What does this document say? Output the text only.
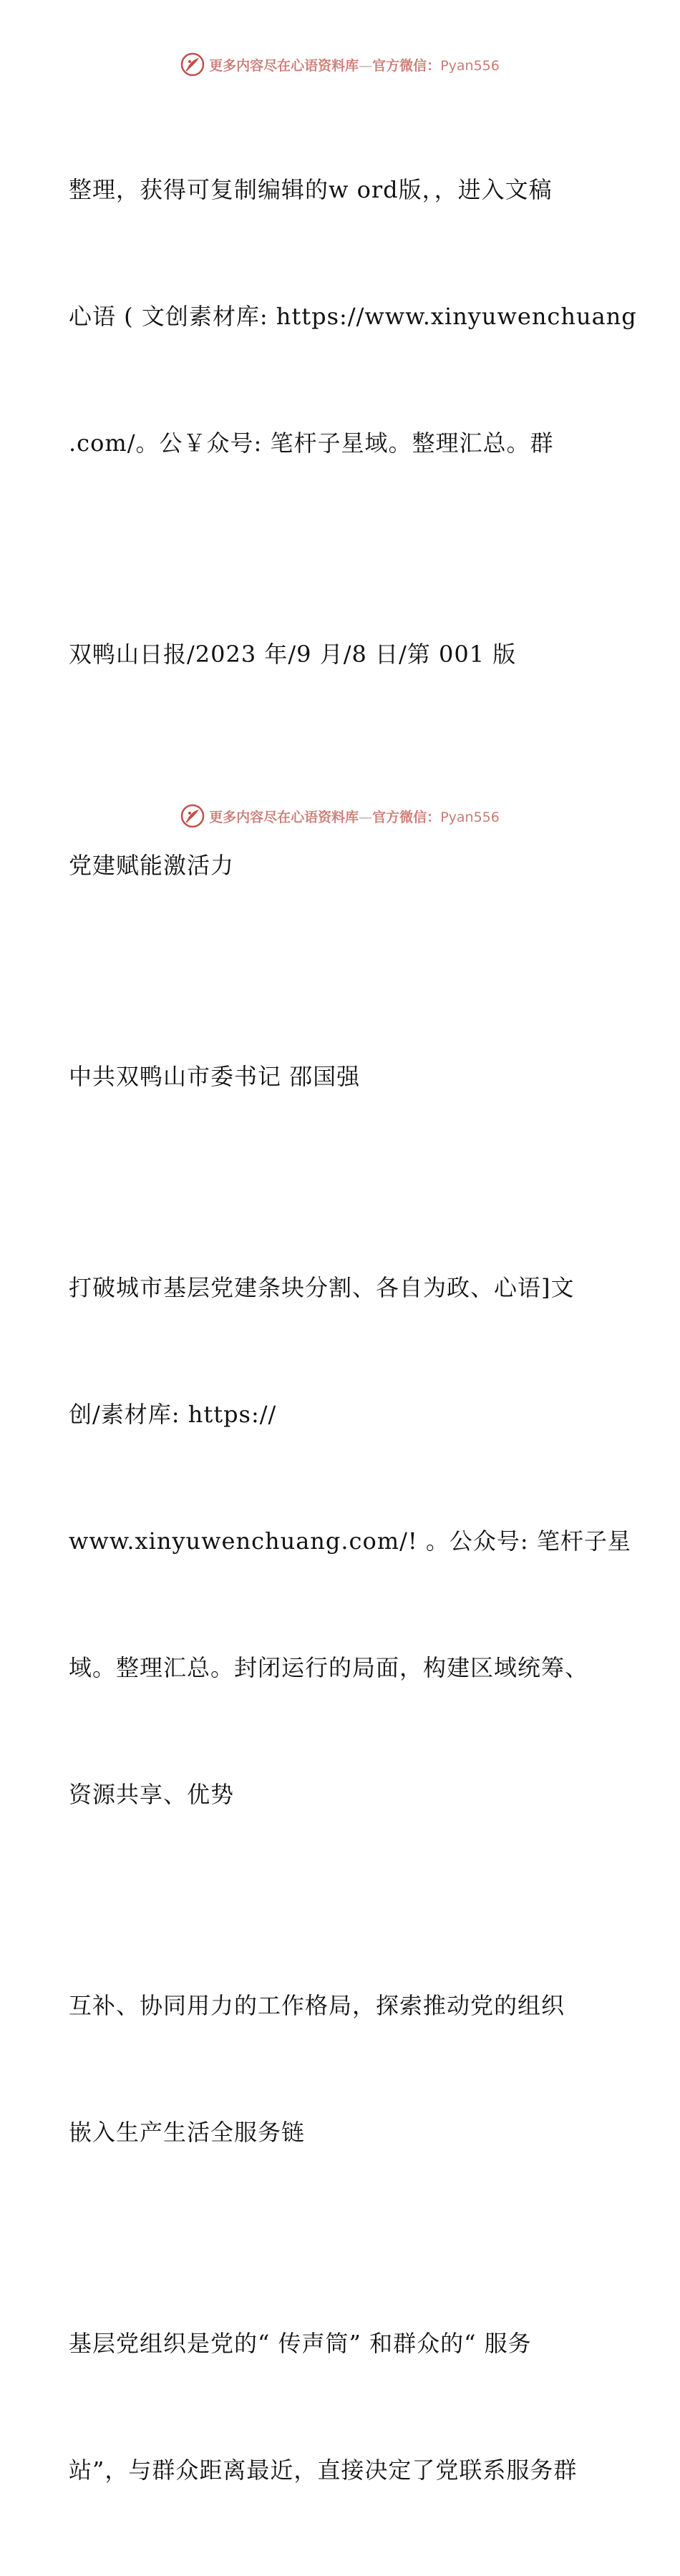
更多内容尽在心语资料库—官方微信：Pyan556

整理，获得可复制编辑的w ord版，，进入文稿

心语 ( 文创素材库: https://www.xinyuwenchuang

.com/。公￥众号: 笔杆子星域。整理汇总。群

双鸭山日报/2023 年/9 月/8 日/第 001 版

党建赋能激活力

中共双鸭山市委书记 邵国强

打破城市基层党建条块分割、各自为政、心语]文

创/素材库: https://

www.xinyuwenchuang.com/! 。公众号: 笔杆子星

域。整理汇总。封闭运行的局面，构建区域统筹、

资源共享、优势

互补、协同用力的工作格局，探索推动党的组织

嵌入生产生活全服务链

基层党组织是党的“ 传声筒” 和群众的“ 服务

站”，与群众距离最近，直接决定了党联系服务群

更多内容尽在心语资料库—官方微信：Pyan556
